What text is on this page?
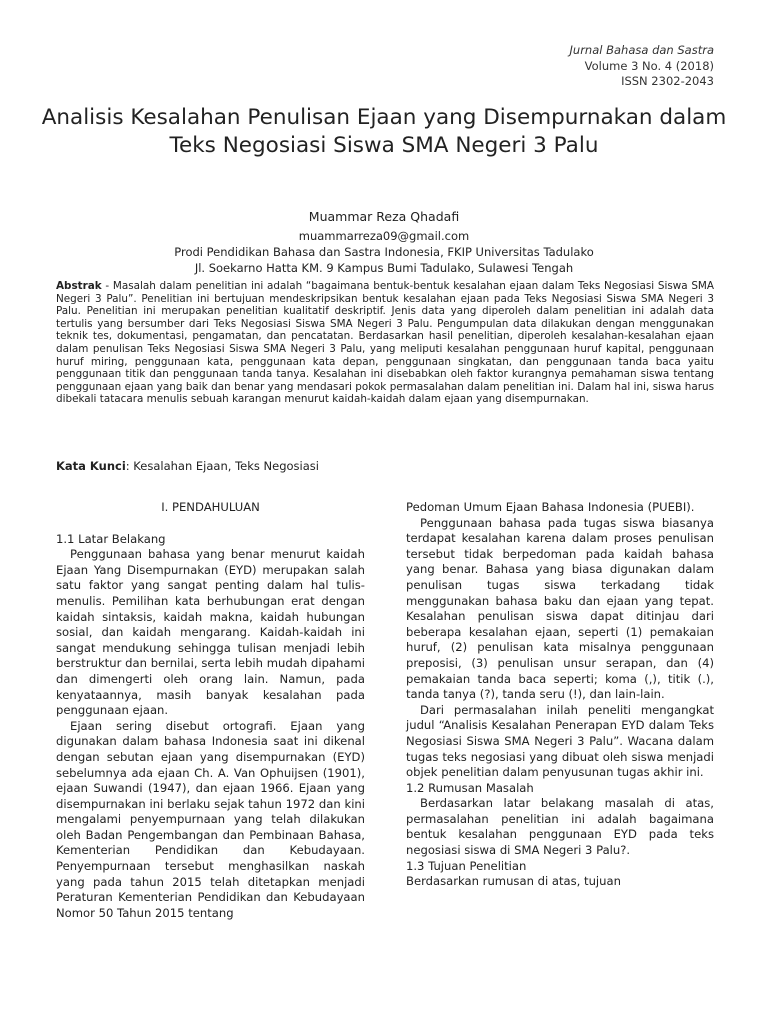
Jurnal Bahasa dan Sastra
Volume 3 No. 4 (2018)
ISSN 2302-2043
Analisis Kesalahan Penulisan Ejaan yang Disempurnakan dalam Teks Negosiasi Siswa SMA Negeri 3 Palu
Muammar Reza Qhadafi
muammarreza09@gmail.com
Prodi Pendidikan Bahasa dan Sastra Indonesia, FKIP Universitas Tadulako
Jl. Soekarno Hatta KM. 9 Kampus Bumi Tadulako, Sulawesi Tengah
Abstrak - Masalah dalam penelitian ini adalah “bagaimana bentuk-bentuk kesalahan ejaan dalam Teks Negosiasi Siswa SMA Negeri 3 Palu”. Penelitian ini bertujuan mendeskripsikan bentuk kesalahan ejaan pada Teks Negosiasi Siswa SMA Negeri 3 Palu. Penelitian ini merupakan penelitian kualitatif deskriptif. Jenis data yang diperoleh dalam penelitian ini adalah data tertulis yang bersumber dari Teks Negosiasi Siswa SMA Negeri 3 Palu. Pengumpulan data dilakukan dengan menggunakan teknik tes, dokumentasi, pengamatan, dan pencatatan. Berdasarkan hasil penelitian, diperoleh kesalahan-kesalahan ejaan dalam penulisan Teks Negosiasi Siswa SMA Negeri 3 Palu, yang meliputi kesalahan penggunaan huruf kapital, penggunaan huruf miring, penggunaan kata, penggunaan kata depan, penggunaan singkatan, dan penggunaan tanda baca yaitu penggunaan titik dan penggunaan tanda tanya. Kesalahan ini disebabkan oleh faktor kurangnya pemahaman siswa tentang penggunaan ejaan yang baik dan benar yang mendasari pokok permasalahan dalam penelitian ini. Dalam hal ini, siswa harus dibekali tatacara menulis sebuah karangan menurut kaidah-kaidah dalam ejaan yang disempurnakan.
Kata Kunci: Kesalahan Ejaan, Teks Negosiasi

I. PENDAHULUAN

1.1 Latar Belakang

Penggunaan bahasa yang benar menurut kaidah Ejaan Yang Disempurnakan (EYD) merupakan salah satu faktor yang sangat penting dalam hal tulis-menulis. Pemilihan kata berhubungan erat dengan kaidah sintaksis, kaidah makna, kaidah hubungan sosial, dan kaidah mengarang. Kaidah-kaidah ini sangat mendukung sehingga tulisan menjadi lebih berstruktur dan bernilai, serta lebih mudah dipahami dan dimengerti oleh orang lain. Namun, pada kenyataannya, masih banyak kesalahan pada penggunaan ejaan.

Ejaan sering disebut ortografi. Ejaan yang digunakan dalam bahasa Indonesia saat ini dikenal dengan sebutan ejaan yang disempurnakan (EYD) sebelumnya ada ejaan Ch. A. Van Ophuijsen (1901), ejaan Suwandi (1947), dan ejaan 1966. Ejaan yang disempurnakan ini berlaku sejak tahun 1972 dan kini mengalami penyempurnaan yang telah dilakukan oleh Badan Pengembangan dan Pembinaan Bahasa, Kementerian Pendidikan dan Kebudayaan. Penyempurnaan tersebut menghasilkan naskah yang pada tahun 2015 telah ditetapkan menjadi Peraturan Kementerian Pendidikan dan Kebudayaan Nomor 50 Tahun 2015 tentang

Pedoman Umum Ejaan Bahasa Indonesia (PUEBI).

Penggunaan bahasa pada tugas siswa biasanya terdapat kesalahan karena dalam proses penulisan tersebut tidak berpedoman pada kaidah bahasa yang benar. Bahasa yang biasa digunakan dalam penulisan tugas siswa terkadang tidak menggunakan bahasa baku dan ejaan yang tepat. Kesalahan penulisan siswa dapat ditinjau dari beberapa kesalahan ejaan, seperti (1) pemakaian huruf, (2) penulisan kata misalnya penggunaan preposisi, (3) penulisan unsur serapan, dan (4) pemakaian tanda baca seperti; koma (,), titik (.), tanda tanya (?), tanda seru (!), dan lain-lain.

Dari permasalahan inilah peneliti mengangkat judul “Analisis Kesalahan Penerapan EYD dalam Teks Negosiasi Siswa SMA Negeri 3 Palu”. Wacana dalam tugas teks negosiasi yang dibuat oleh siswa menjadi objek penelitian dalam penyusunan tugas akhir ini.

1.2 Rumusan Masalah

Berdasarkan latar belakang masalah di atas, permasalahan penelitian ini adalah bagaimana bentuk kesalahan penggunaan EYD pada teks negosiasi siswa di SMA Negeri 3 Palu?.

1.3 Tujuan Penelitian

Berdasarkan rumusan di atas, tujuan
